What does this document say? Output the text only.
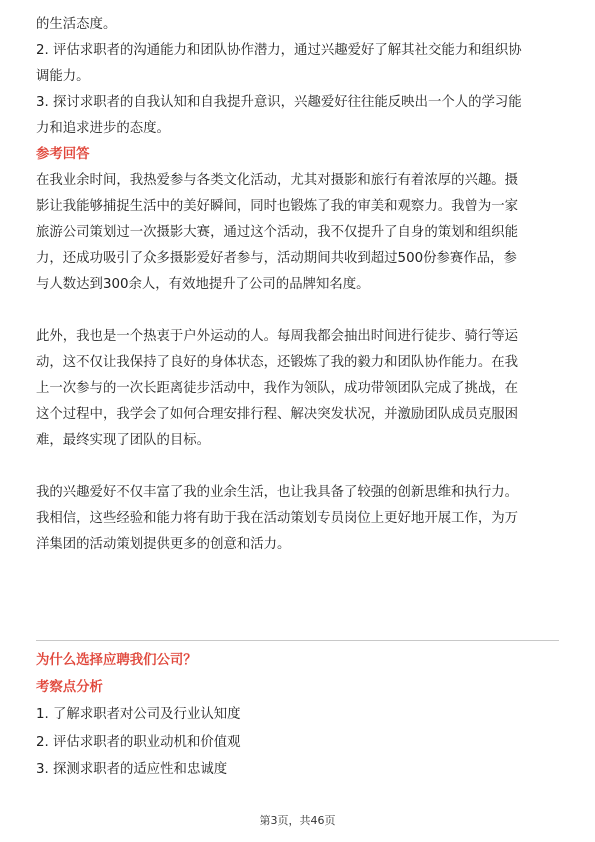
的生活态度。
2. 评估求职者的沟通能力和团队协作潜力，通过兴趣爱好了解其社交能力和组织协
调能力。
3. 探讨求职者的自我认知和自我提升意识，兴趣爱好往往能反映出一个人的学习能
力和追求进步的态度。
参考回答
在我业余时间，我热爱参与各类文化活动，尤其对摄影和旅行有着浓厚的兴趣。摄
影让我能够捕捉生活中的美好瞬间，同时也锻炼了我的审美和观察力。我曾为一家
旅游公司策划过一次摄影大赛，通过这个活动，我不仅提升了自身的策划和组织能
力，还成功吸引了众多摄影爱好者参与，活动期间共收到超过500份参赛作品，参
与人数达到300余人，有效地提升了公司的品牌知名度。
此外，我也是一个热衷于户外运动的人。每周我都会抽出时间进行徒步、骑行等运
动，这不仅让我保持了良好的身体状态，还锻炼了我的毅力和团队协作能力。在我
上一次参与的一次长距离徒步活动中，我作为领队，成功带领团队完成了挑战，在
这个过程中，我学会了如何合理安排行程、解决突发状况，并激励团队成员克服困
难，最终实现了团队的目标。
我的兴趣爱好不仅丰富了我的业余生活，也让我具备了较强的创新思维和执行力。
我相信，这些经验和能力将有助于我在活动策划专员岗位上更好地开展工作，为万
洋集团的活动策划提供更多的创意和活力。
为什么选择应聘我们公司？
考察点分析
1. 了解求职者对公司及行业认知度
2. 评估求职者的职业动机和价值观
3. 探测求职者的适应性和忠诚度
第3页，共46页
